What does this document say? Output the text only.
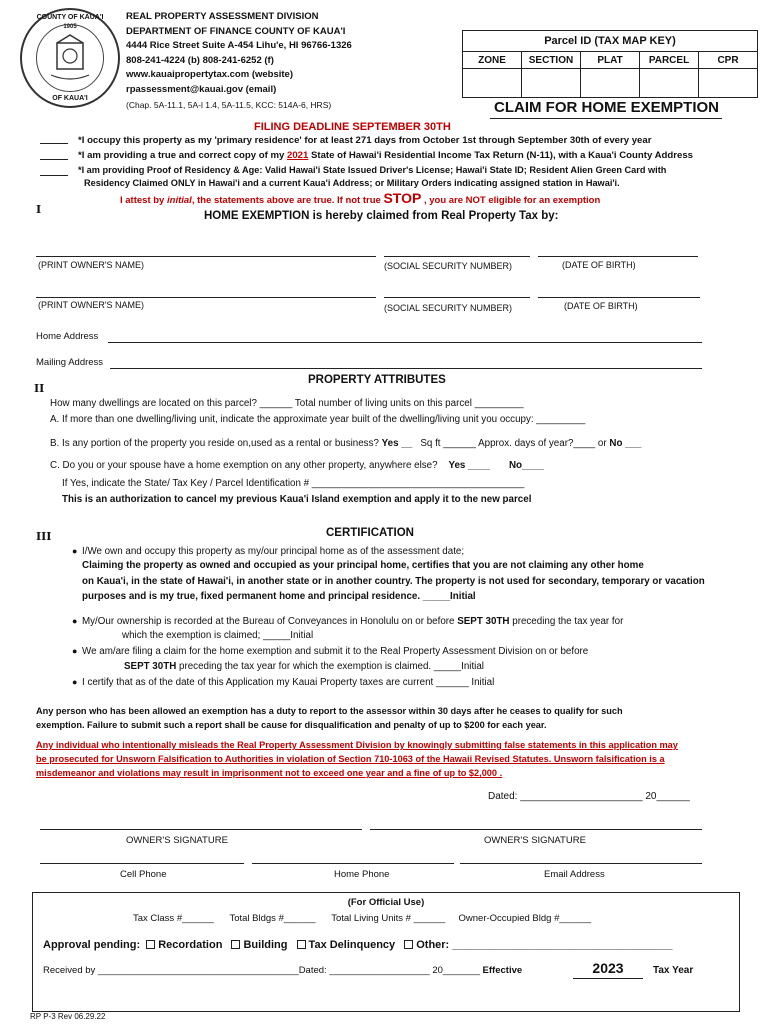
COUNTY OF KAUA'I
1905
OF KAUA'I
REAL PROPERTY ASSESSMENT DIVISION
DEPARTMENT OF FINANCE COUNTY OF KAUA'I
4444 Rice Street Suite A-454 Lihu'e, HI 96766-1326
808-241-4224 (b) 808-241-6252 (f)
www.kauaipropertytax.com (website)
rpassessment@kauai.gov (email)
(Chap. 5A-11.1, 5A-l 1.4, 5A-11.5, KCC: 514A-6, HRS)
Parcel ID (TAX MAP KEY)
ZONE	SECTION	PLAT	PARCEL	CPR
CLAIM FOR HOME EXEMPTION
FILING DEADLINE SEPTEMBER 30TH
*I occupy this property as my 'primary residence' for at least 271 days from October 1st through September 30th of every year
*I am providing a true and correct copy of my 2021 State of Hawai'i Residential Income Tax Return (N-11), with a Kaua'i County Address
*I am providing Proof of Residency & Age: Valid Hawai'i State Issued Driver's License; Hawai'i State ID; Resident Alien Green Card with
Residency Claimed ONLY in Hawai'i and a current Kaua'i Address; or Military Orders indicating assigned station in Hawai'i.
I attest by initial, the statements above are true. If not true STOP , you are NOT eligible for an exemption
I	HOME EXEMPTION is hereby claimed from Real Property Tax by:
(PRINT OWNER'S NAME)	(SOCIAL SECURITY NUMBER)	(DATE OF BIRTH)
(PRINT OWNER'S NAME)	(SOCIAL SECURITY NUMBER)	(DATE OF BIRTH)
Home Address
Mailing Address
II
PROPERTY ATTRIBUTES
How many dwellings are located on this parcel? ______ Total number of living units on this parcel _________
A. If more than one dwelling/living unit, indicate the approximate year built of the dwelling/living unit you occupy: _________
B. Is any portion of the property you reside on,used as a rental or business? Yes __ Sq ft ______ Approx. days of year?____ or No ___
C. Do you or your spouse have a home exemption on any other property, anywhere else? Yes ____ No____
If Yes, indicate the State/ Tax Key / Parcel Identification # _______________________________________
This is an authorization to cancel my previous Kaua'i Island exemption and apply it to the new parcel
III	CERTIFICATION
● I/We own and occupy this property as my/our principal home as of the assessment date;
Claiming the property as owned and occupied as your principal home, certifies that you are not claiming any other home
on Kaua'i, in the state of Hawai'i, in another state or in another country. The property is not used for secondary, temporary or vacation
purposes and is my true, fixed permanent home and principal residence. _____Initial
● My/Our ownership is recorded at the Bureau of Conveyances in Honolulu on or before SEPT 30TH preceding the tax year for
which the exemption is claimed; _____Initial
● We am/are filing a claim for the home exemption and submit it to the Real Property Assessment Division on or before
SEPT 30TH preceding the tax year for which the exemption is claimed. _____Initial
● I certify that as of the date of this Application my Kauai Property taxes are current ______ Initial
Any person who has been allowed an exemption has a duty to report to the assessor within 30 days after he ceases to qualify for such
exemption. Failure to submit such a report shall be cause for disqualification and penalty of up to $200 for each year.
Any individual who intentionally misleads the Real Property Assessment Division by knowingly submitting false statements in this application may
be prosecuted for Unsworn Falsification to Authorities in violation of Section 710-1063 of the Hawaii Revised Statutes. Unsworn falsification is a
misdemeanor and violations may result in imprisonment not to exceed one year and a fine of up to $2,000 .
Dated: ______________________ 20______
OWNER'S SIGNATURE	OWNER'S SIGNATURE
Cell Phone	Home Phone	Email Address
(For Official Use)
Tax Class #______      Total Bldgs #______      Total Living Units # ______     Owner-Occupied Bldg #______
Approval pending: Recordation Building Tax Delinquency Other: ____________________________________
Received by ______________________________________Dated: ___________________ 20_______ Effective	2023	Tax Year
RP P-3 Rev 06.29.22
